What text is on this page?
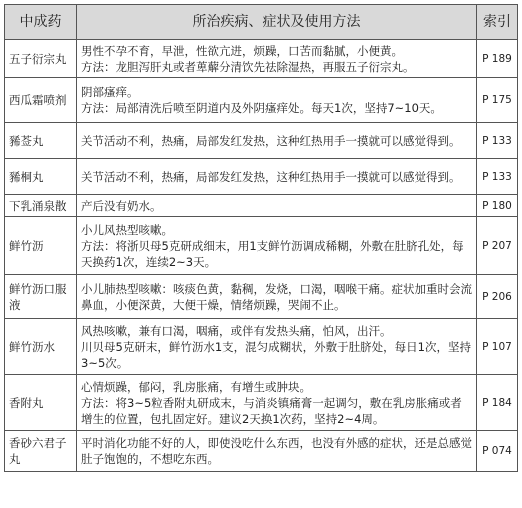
中成药	所治疾病、症状及使用方法	索引
五子衍宗丸	男性不孕不育，早泄，性欲亢进，烦躁，口苦而黏腻，小便黄。
方法：龙胆泻肝丸或者萆薢分清饮先祛除湿热，再服五子衍宗丸。	P 189
西瓜霜喷剂	阴部瘙痒。
方法：局部清洗后喷至阴道内及外阴瘙痒处。每天1次，坚持7~10天。	P 175
豨莶丸	关节活动不利，热痛，局部发红发热，这种红热用手一摸就可以感觉得到。	P 133
豨桐丸	关节活动不利，热痛，局部发红发热，这种红热用手一摸就可以感觉得到。	P 133
下乳涌泉散	产后没有奶水。	P 180
鲜竹沥	小儿风热型咳嗽。
方法：将浙贝母5克研成细末，用1支鲜竹沥调成稀糊，外敷在肚脐孔处，每天换药1次，连续2~3天。	P 207
鲜竹沥口服液	小儿肺热型咳嗽：咳痰色黄，黏稠，发烧，口渴，咽喉干痛。症状加重时会流鼻血，小便深黄，大便干燥，情绪烦躁，哭闹不止。	P 206
鲜竹沥水	风热咳嗽，兼有口渴，咽痛，或伴有发热头痛，怕风，出汗。
川贝母5克研末，鲜竹沥水1支，混匀成糊状，外敷于肚脐处，每日1次，坚持3~5次。	P 107
香附丸	心情烦躁，郁闷，乳房胀痛，有增生或肿块。
方法：将3~5粒香附丸研成末，与消炎镇痛膏一起调匀，敷在乳房胀痛或者增生的位置，包扎固定好。建议2天换1次药，坚持2~4周。	P 184
香砂六君子丸	平时消化功能不好的人，即使没吃什么东西，也没有外感的症状，还是总感觉肚子饱饱的，不想吃东西。	P 074
